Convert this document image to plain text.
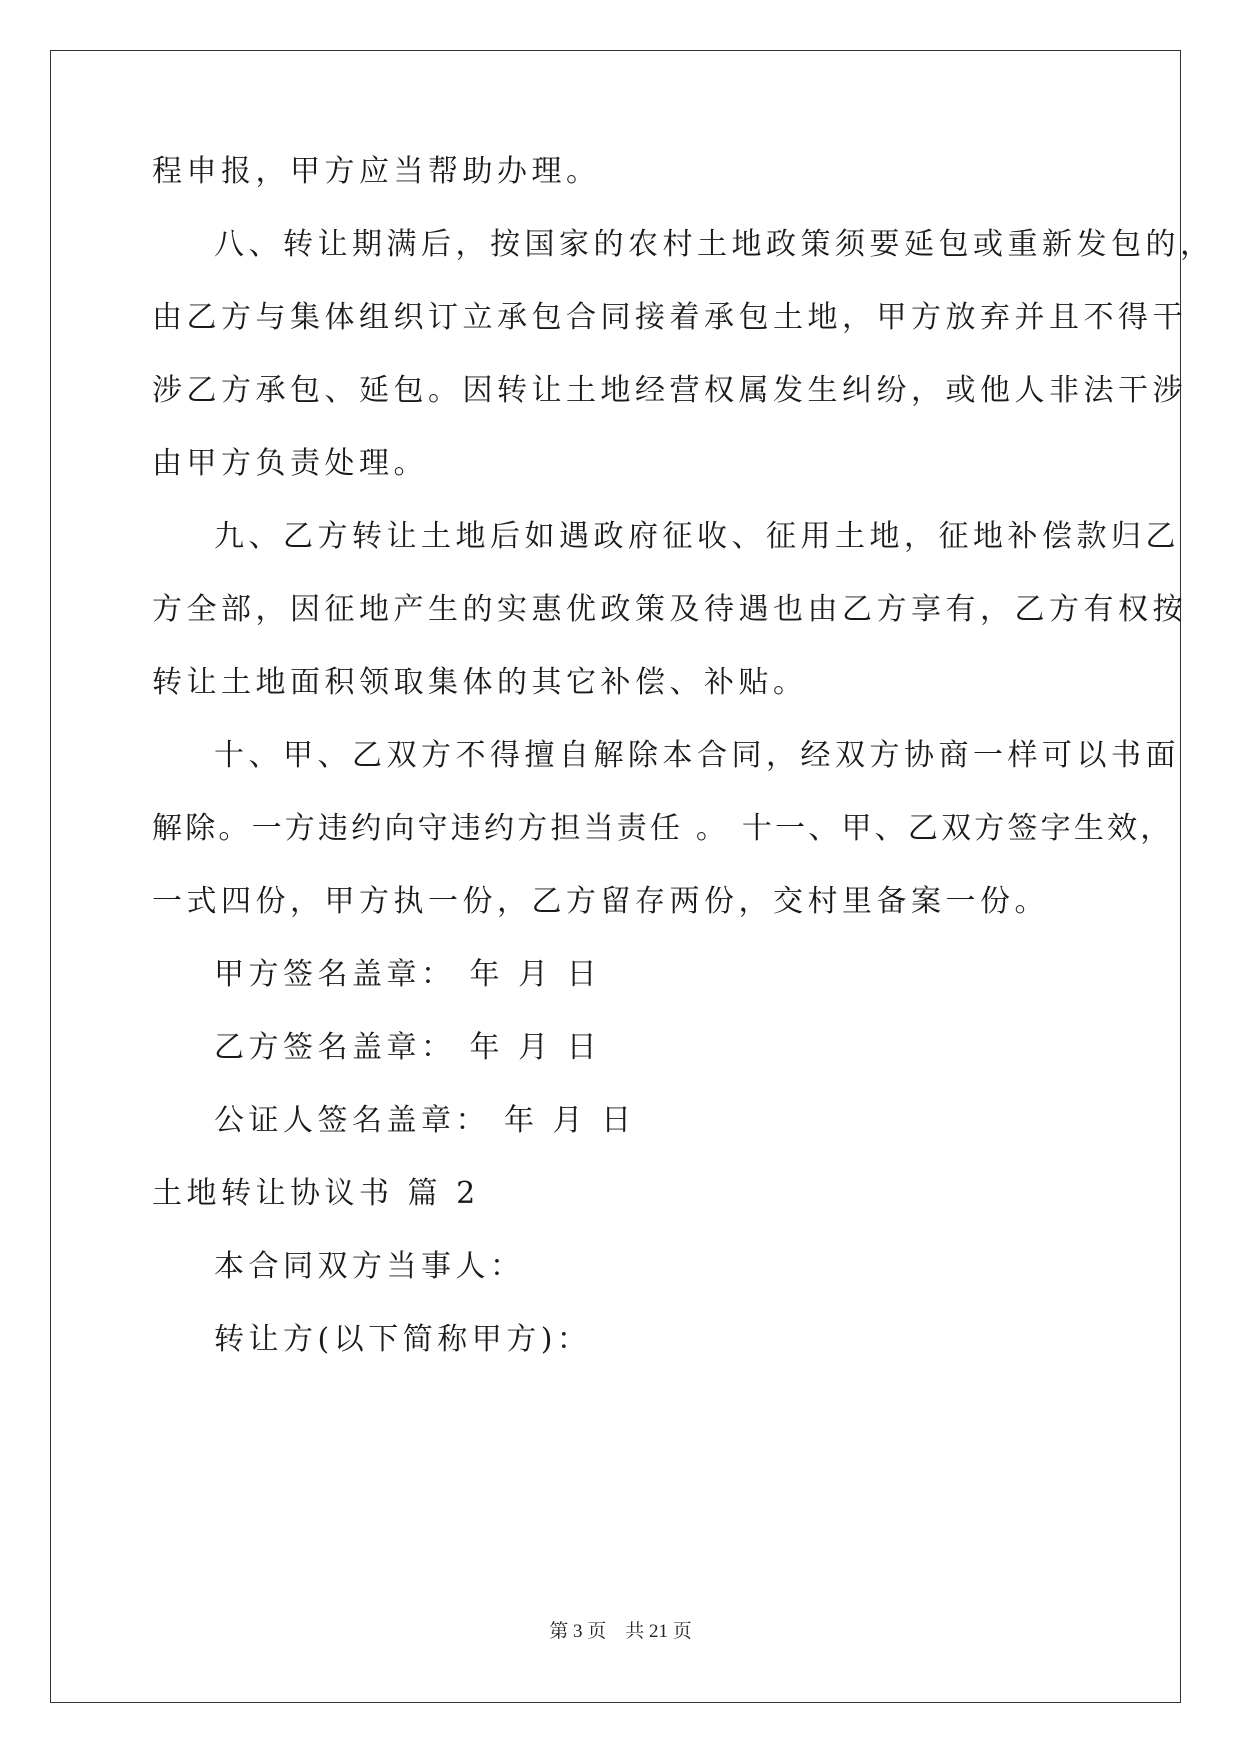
程申报，甲方应当帮助办理。
八、转让期满后，按国家的农村土地政策须要延包或重新发包的，
由乙方与集体组织订立承包合同接着承包土地，甲方放弃并且不得干
涉乙方承包、延包。因转让土地经营权属发生纠纷，或他人非法干涉
由甲方负责处理。
九、乙方转让土地后如遇政府征收、征用土地，征地补偿款归乙
方全部，因征地产生的实惠优政策及待遇也由乙方享有，乙方有权按
转让土地面积领取集体的其它补偿、补贴。
十、甲、乙双方不得擅自解除本合同，经双方协商一样可以书面
解除。一方违约向守违约方担当责任 。 十一、甲、乙双方签字生效，
一式四份，甲方执一份，乙方留存两份，交村里备案一份。
甲方签名盖章： 年 月 日
乙方签名盖章： 年 月 日
公证人签名盖章： 年 月 日
土地转让协议书 篇 2
本合同双方当事人：
转让方(以下简称甲方)：
第 3 页    共 21 页
